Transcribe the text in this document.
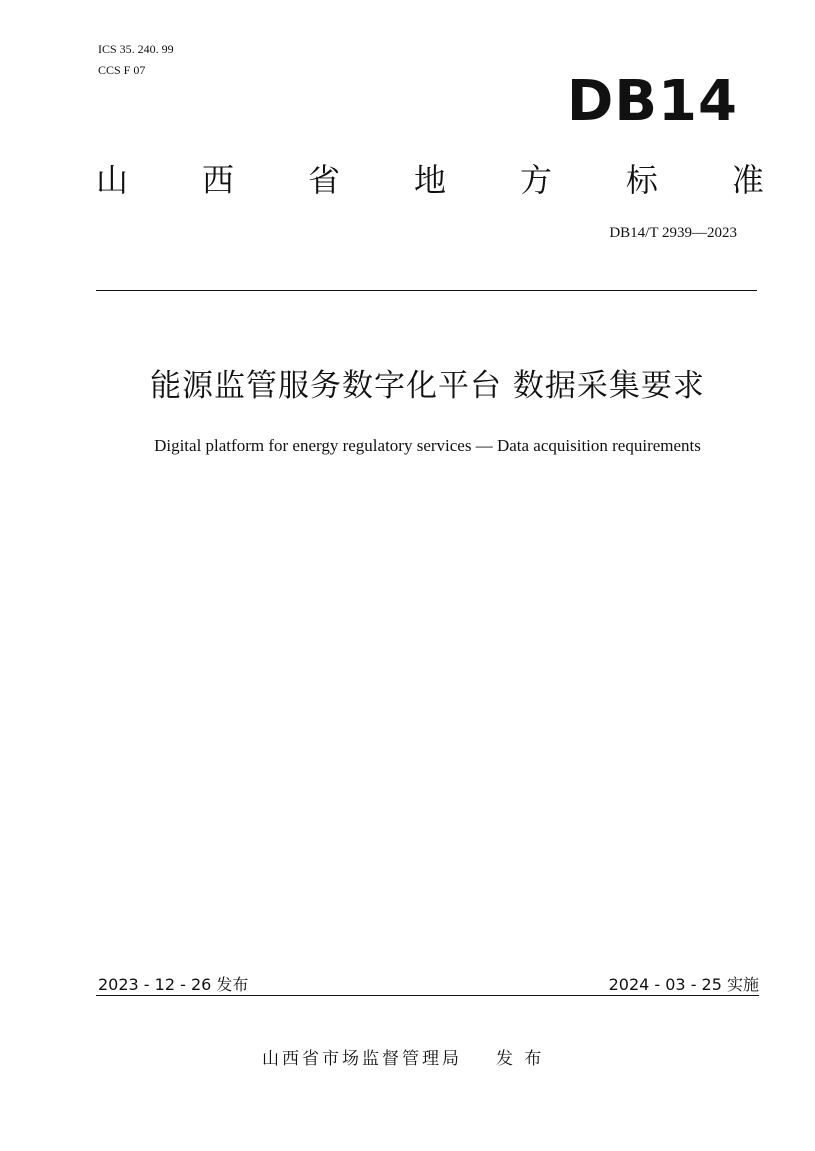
ICS 35. 240. 99
CCS F 07	DB14
山 西 省 地 方 标 准
DB14/T 2939—2023
能源监管服务数字化平台 数据采集要求
Digital platform for energy regulatory services — Data acquisition requirements
2023 - 12 - 26 发布	2024 - 03 - 25 实施
山西省市场监督管理局 发 布
